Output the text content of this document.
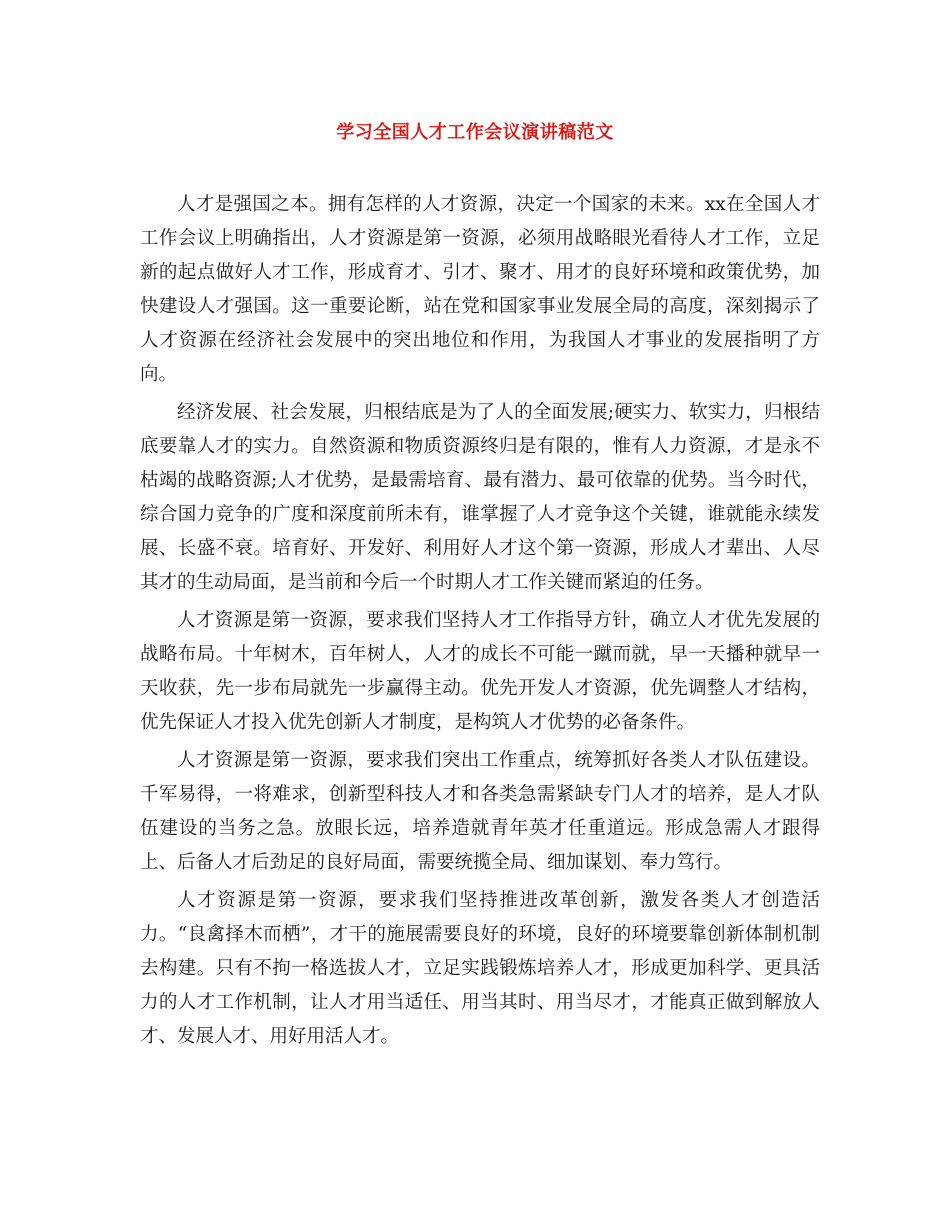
学习全国人才工作会议演讲稿范文

人才是强国之本。拥有怎样的人才资源，决定一个国家的未来。xx在全国人才工作会议上明确指出，人才资源是第一资源，必须用战略眼光看待人才工作，立足新的起点做好人才工作，形成育才、引才、聚才、用才的良好环境和政策优势，加快建设人才强国。这一重要论断，站在党和国家事业发展全局的高度，深刻揭示了人才资源在经济社会发展中的突出地位和作用，为我国人才事业的发展指明了方向。

经济发展、社会发展，归根结底是为了人的全面发展;硬实力、软实力，归根结底要靠人才的实力。自然资源和物质资源终归是有限的，惟有人力资源，才是永不枯竭的战略资源;人才优势，是最需培育、最有潜力、最可依靠的优势。当今时代，综合国力竞争的广度和深度前所未有，谁掌握了人才竞争这个关键，谁就能永续发展、长盛不衰。培育好、开发好、利用好人才这个第一资源，形成人才辈出、人尽其才的生动局面，是当前和今后一个时期人才工作关键而紧迫的任务。

人才资源是第一资源，要求我们坚持人才工作指导方针，确立人才优先发展的战略布局。十年树木，百年树人，人才的成长不可能一蹴而就，早一天播种就早一天收获，先一步布局就先一步赢得主动。优先开发人才资源，优先调整人才结构，优先保证人才投入优先创新人才制度，是构筑人才优势的必备条件。

人才资源是第一资源，要求我们突出工作重点，统筹抓好各类人才队伍建设。千军易得，一将难求，创新型科技人才和各类急需紧缺专门人才的培养，是人才队伍建设的当务之急。放眼长远，培养造就青年英才任重道远。形成急需人才跟得上、后备人才后劲足的良好局面，需要统揽全局、细加谋划、奉力笃行。

人才资源是第一资源，要求我们坚持推进改革创新，激发各类人才创造活力。“良禽择木而栖”，才干的施展需要良好的环境，良好的环境要靠创新体制机制去构建。只有不拘一格选拔人才，立足实践锻炼培养人才，形成更加科学、更具活力的人才工作机制，让人才用当适任、用当其时、用当尽才，才能真正做到解放人才、发展人才、用好用活人才。
